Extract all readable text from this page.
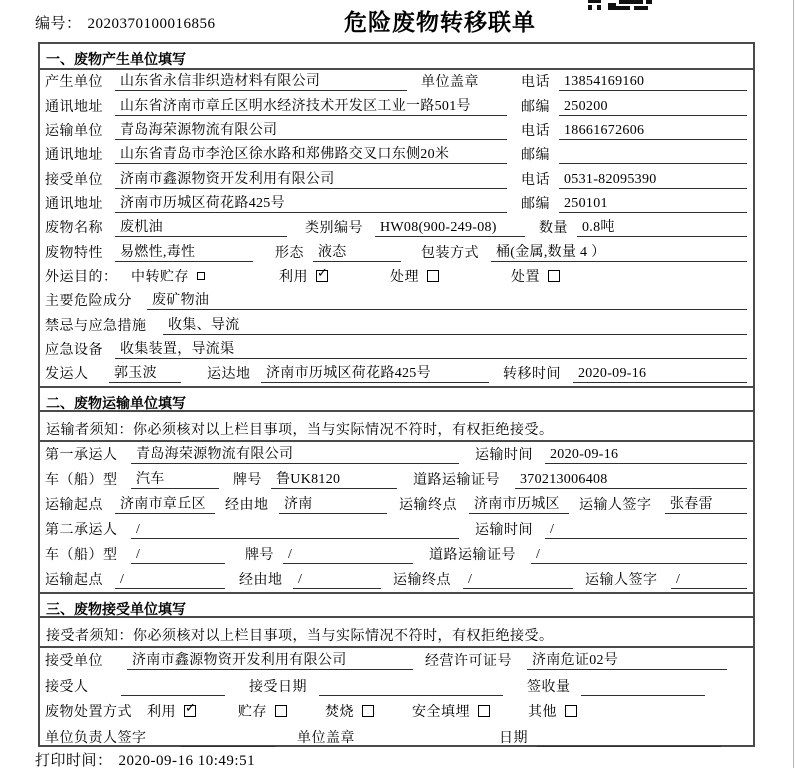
编号： 2020370100016856	危险废物转移联单
一、废物产生单位填写
产生单位	山东省永信非织造材料有限公司	单位盖章	电话	13854169160
通讯地址	山东省济南市章丘区明水经济技术开发区工业一路501号	邮编	250200
运输单位	青岛海荣源物流有限公司	电话	18661672606
通讯地址	山东省青岛市李沧区徐水路和郑佛路交叉口东侧20米	邮编
接受单位	济南市鑫源物资开发利用有限公司	电话	0531-82095390
通讯地址	济南市历城区荷花路425号	邮编	250101
废物名称	废机油	类别编号	HW08(900-249-08)	数量	0.8吨
废物特性	易燃性,毒性	形态	液态	包装方式	桶(金属,数量 4 ）
外运目的： 中转贮存	利用 ✓	处理	处置
主要危险成分	废矿物油
禁忌与应急措施	收集、导流
应急设备	收集装置，导流渠
发运人	郭玉波	运达地	济南市历城区荷花路425号	转移时间	2020-09-16
二、废物运输单位填写
运输者须知：你必须核对以上栏目事项，当与实际情况不符时，有权拒绝接受。
第一承运人	青岛海荣源物流有限公司	运输时间	2020-09-16
车（船）型	汽车	牌号	鲁UK8120	道路运输证号	370213006408
运输起点	济南市章丘区	经由地	济南	运输终点	济南市历城区	运输人签字	张春雷
第二承运人	/	运输时间	/
车（船）型	/	牌号	/	道路运输证号	/
运输起点	/	经由地	/	运输终点	/	运输人签字	/
三、废物接受单位填写
接受者须知：你必须核对以上栏目事项，当与实际情况不符时，有权拒绝接受。
接受单位	济南市鑫源物资开发利用有限公司	经营许可证号	济南危证02号
接受人	接受日期	签收量
废物处置方式	利用 ✓	贮存	焚烧	安全填埋	其他
单位负责人签字	单位盖章	日期
打印时间： 2020-09-16 10:49:51
